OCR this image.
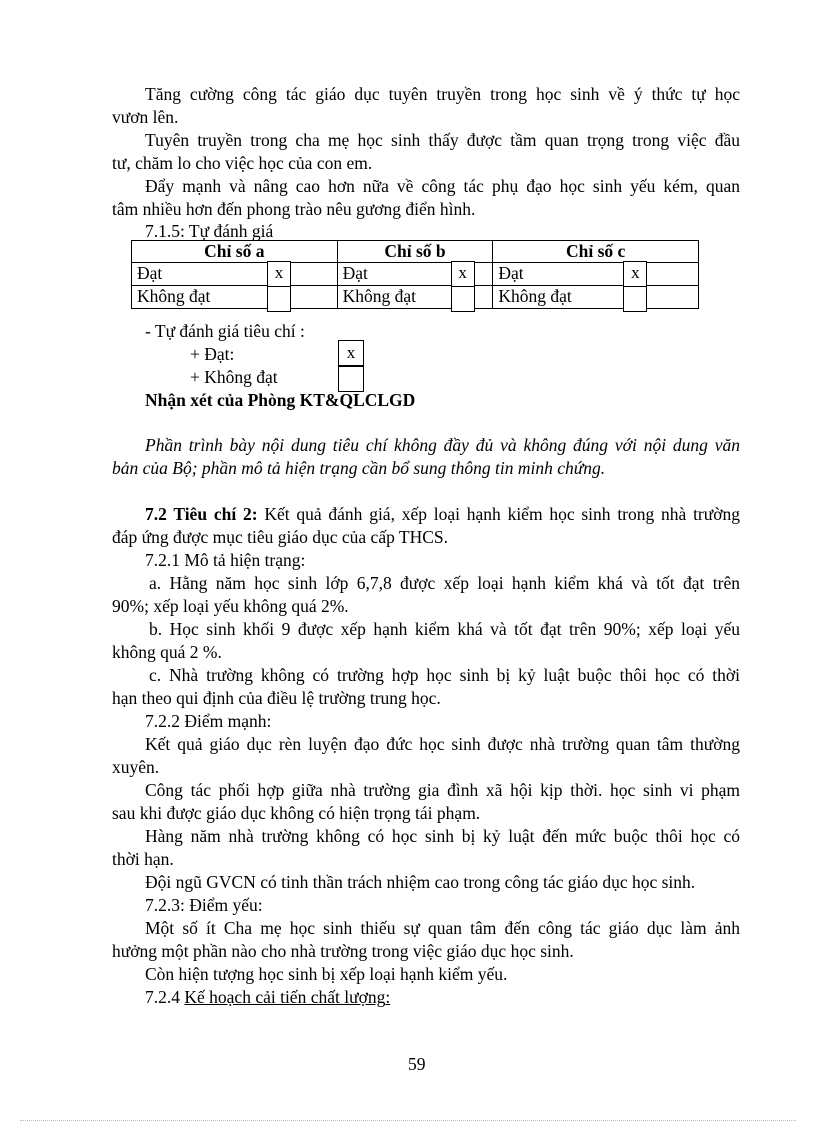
Tăng cường công tác giáo dục tuyên truyền trong học sinh về ý thức tự học
vươn lên.
Tuyên truyền trong cha mẹ học sinh thấy được tầm quan trọng trong việc đầu
tư, chăm lo cho việc học của con em.
Đẩy mạnh và nâng cao hơn nữa về công tác phụ đạo học sinh yếu kém, quan
tâm nhiều hơn đến phong trào nêu gương điển hình.
7.1.5: Tự đánh giá
Chỉ số a	Chỉ số b	Chỉ số c

Đạt x	Đạt x	Đạt x

Không đạt	Không đạt	Không đạt
- Tự đánh giá tiêu chí :
+ Đạt:	x
+ Không đạt
Nhận xét của Phòng KT&QLCLGD
Phần trình bày nội dung tiêu chí không đầy đủ và không đúng với nội dung văn
bản của Bộ; phần mô tả hiện trạng cần bổ sung thông tin minh chứng.
7.2 Tiêu chí 2: Kết quả đánh giá, xếp loại hạnh kiểm học sinh trong nhà trường
đáp ứng được mục tiêu giáo dục của cấp THCS.
7.2.1 Mô tả hiện trạng:
a. Hằng năm học sinh lớp 6,7,8 được xếp loại hạnh kiểm khá và tốt đạt trên
90%; xếp loại yếu không quá 2%.
b. Học sinh khối 9 được xếp hạnh kiểm khá và tốt đạt trên 90%; xếp loại yếu
không quá 2 %.
c. Nhà trường không có trường hợp học sinh bị kỷ luật buộc thôi học có thời
hạn theo qui định của điều lệ trường trung học.
7.2.2 Điểm mạnh:
Kết quả giáo dục rèn luyện đạo đức học sinh được nhà trường quan tâm thường
xuyên.
Công tác phối hợp giữa nhà trường gia đình xã hội kịp thời. học sinh vi phạm
sau khi được giáo dục không có hiện trọng tái phạm.
Hàng năm nhà trường không có học sinh bị kỷ luật đến mức buộc thôi học có
thời hạn.
Đội ngũ GVCN có tinh thần trách nhiệm cao trong công tác giáo dục học sinh.
7.2.3: Điểm yếu:
Một số ít Cha mẹ học sinh thiếu sự quan tâm đến công tác giáo dục làm ảnh
hưởng một phần nào cho nhà trường trong việc giáo dục học sinh.
Còn hiện tượng học sinh bị xếp loại hạnh kiểm yếu.
7.2.4 Kế hoạch cải tiến chất lượng:
59
